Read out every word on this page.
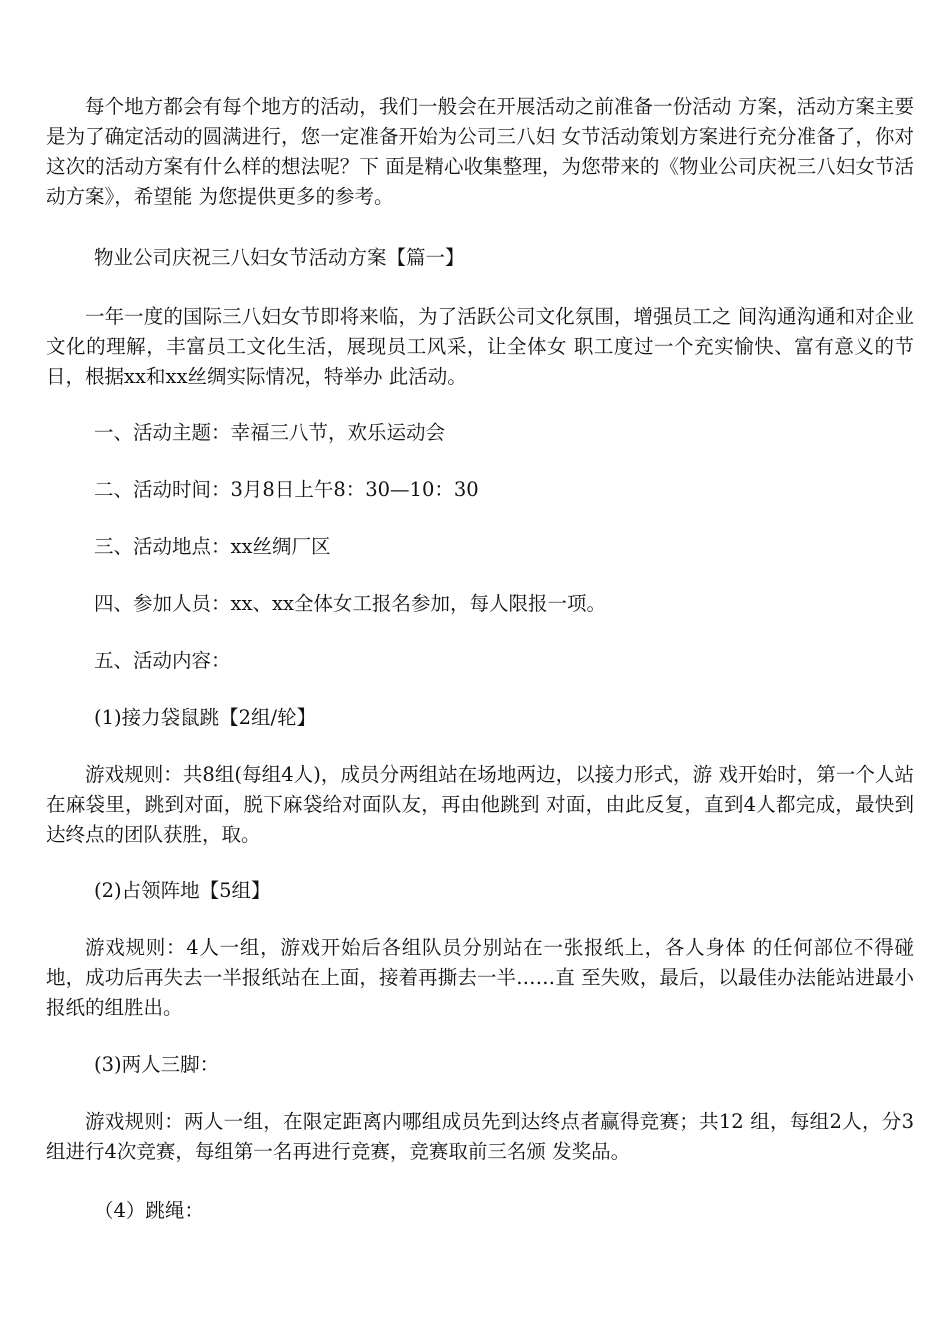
每个地方都会有每个地方的活动，我们一般会在开展活动之前准备一份活动 方案，活动方案主要是为了确定活动的圆满进行，您一定准备开始为公司三八妇 女节活动策划方案进行充分准备了，你对这次的活动方案有什么样的想法呢？下 面是精心收集整理，为您带来的《物业公司庆祝三八妇女节活动方案》，希望能 为您提供更多的参考。

物业公司庆祝三八妇女节活动方案【篇一】

一年一度的国际三八妇女节即将来临，为了活跃公司文化氛围，增强员工之 间沟通沟通和对企业文化的理解，丰富员工文化生活，展现员工风采，让全体女 职工度过一个充实愉快、富有意义的节日，根据xx和xx丝绸实际情况，特举办 此活动。

一、活动主题：幸福三八节，欢乐运动会

二、活动时间：3月8日上午8：30—10：30

三、活动地点：xx丝绸厂区

四、参加人员：xx、xx全体女工报名参加，每人限报一项。

五、活动内容：

(1)接力袋鼠跳【2组/轮】

游戏规则：共8组(每组4人)，成员分两组站在场地两边，以接力形式，游 戏开始时，第一个人站在麻袋里，跳到对面，脱下麻袋给对面队友，再由他跳到 对面，由此反复，直到4人都完成，最快到达终点的团队获胜，取。

(2)占领阵地【5组】

游戏规则：4人一组，游戏开始后各组队员分别站在一张报纸上，各人身体 的任何部位不得碰地，成功后再失去一半报纸站在上面，接着再撕去一半……直 至失败，最后，以最佳办法能站进最小报纸的组胜出。

(3)两人三脚：

游戏规则：两人一组，在限定距离内哪组成员先到达终点者赢得竞赛；共12 组，每组2人，分3组进行4次竞赛，每组第一名再进行竞赛，竞赛取前三名颁 发奖品。

（4）跳绳：
